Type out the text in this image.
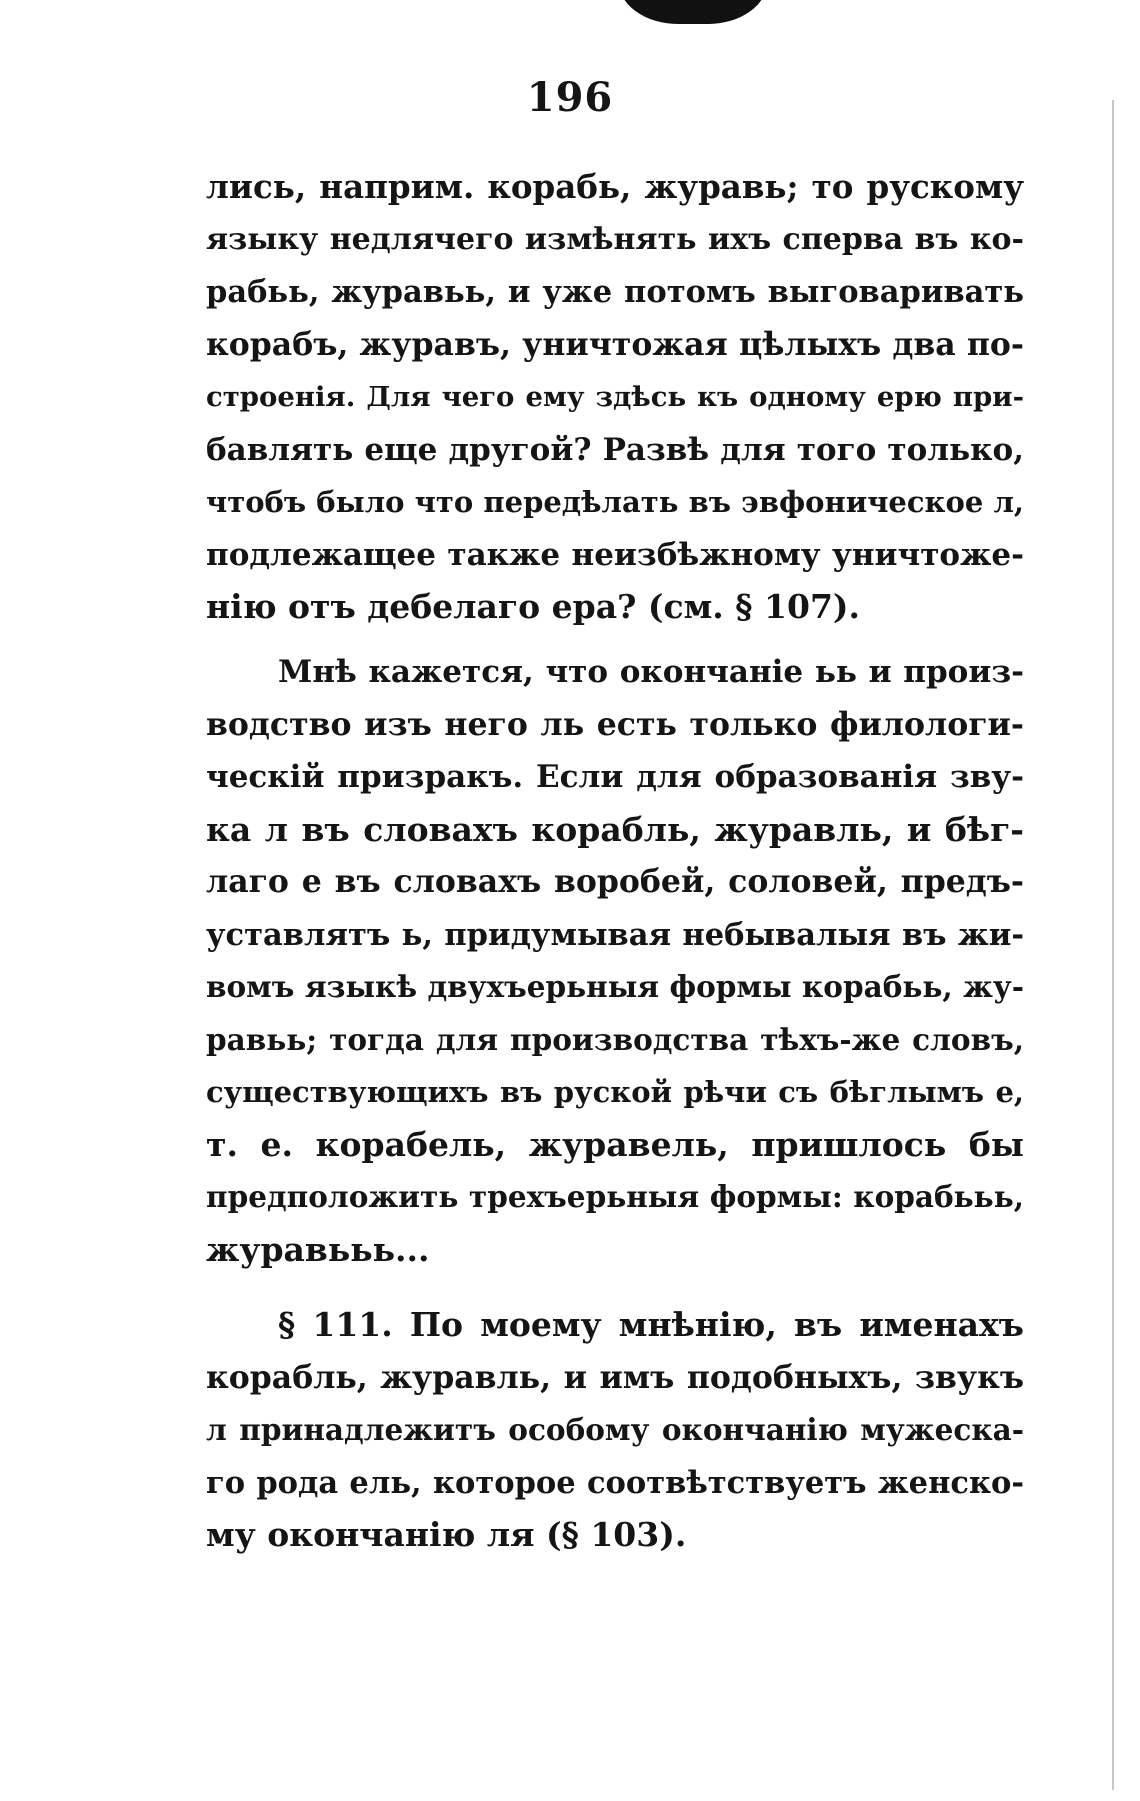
196
лись, наприм. корабь, журавь; то рускому
языку недлячего измѣнять ихъ сперва въ ко-
рабьь, журавьь, и уже потомъ выговаривать
корабъ, журавъ, уничтожая цѣлыхъ два по-
строенія. Для чего ему здѣсь къ одному ерю при-
бавлять еще другой? Развѣ для того только,
чтобъ было что передѣлать въ эвфоническое л,
подлежащее также неизбѣжному уничтоже-
нію отъ дебелаго ера? (см. § 107).
Мнѣ кажется, что окончаніе ьь и произ-
водство изъ него ль есть только филологи-
ческій призракъ. Если для образованія зву-
ка л въ словахъ корабль, журавль, и бѣг-
лаго е въ словахъ воробей, соловей, предъ-
уставлятъ ь, придумывая небывалыя въ жи-
вомъ языкѣ двухъерьныя формы корабьь, жу-
равьь; тогда для производства тѣхъ-же словъ,
существующихъ въ руской рѣчи съ бѣглымъ е,
т. е. корабель, журавель, пришлось бы
предположить трехъерьныя формы: корабььь,
журавььь...
§ 111. По моему мнѣнію, въ именахъ
корабль, журавль, и имъ подобныхъ, звукъ
л принадлежитъ особому окончанію мужеска-
го рода ель, которое соотвѣтствуетъ женско-
му окончанію ля (§ 103).
